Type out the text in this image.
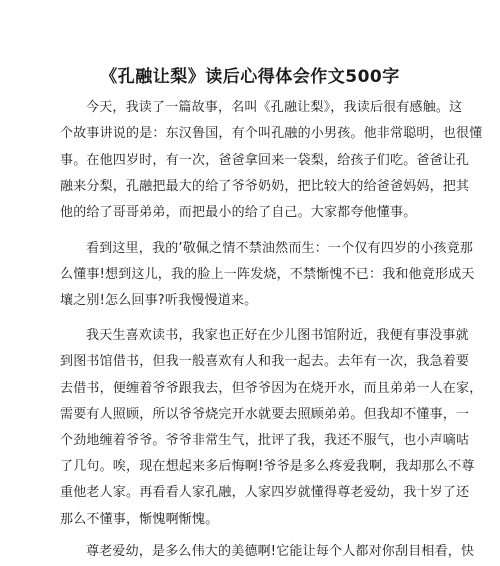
《孔融让梨》读后心得体会作文500字
今天，我读了一篇故事，名叫《孔融让梨》，我读后很有感触。这
个故事讲说的是：东汉鲁国，有个叫孔融的小男孩。他非常聪明，也很懂
事。在他四岁时，有一次，爸爸拿回来一袋梨，给孩子们吃。爸爸让孔
融来分梨，孔融把最大的给了爷爷奶奶，把比较大的给爸爸妈妈，把其
他的给了哥哥弟弟，而把最小的给了自己。大家都夸他懂事。
看到这里，我的’敬佩之情不禁油然而生：一个仅有四岁的小孩竟那
么懂事!想到这儿，我的脸上一阵发烧，不禁惭愧不已：我和他竟形成天
壤之别!怎么回事?听我慢慢道来。
我天生喜欢读书，我家也正好在少儿图书馆附近，我便有事没事就
到图书馆借书，但我一般喜欢有人和我一起去。去年有一次，我急着要
去借书，便缠着爷爷跟我去，但爷爷因为在烧开水，而且弟弟一人在家，
需要有人照顾，所以爷爷烧完开水就要去照顾弟弟。但我却不懂事，一
个劲地缠着爷爷。爷爷非常生气，批评了我，我还不服气，也小声嘀咕
了几句。唉，现在想起来多后悔啊!爷爷是多么疼爱我啊，我却那么不尊
重他老人家。再看看人家孔融，人家四岁就懂得尊老爱幼，我十岁了还
那么不懂事，惭愧啊惭愧。
尊老爱幼，是多么伟大的美德啊!它能让每个人都对你刮目相看，快
